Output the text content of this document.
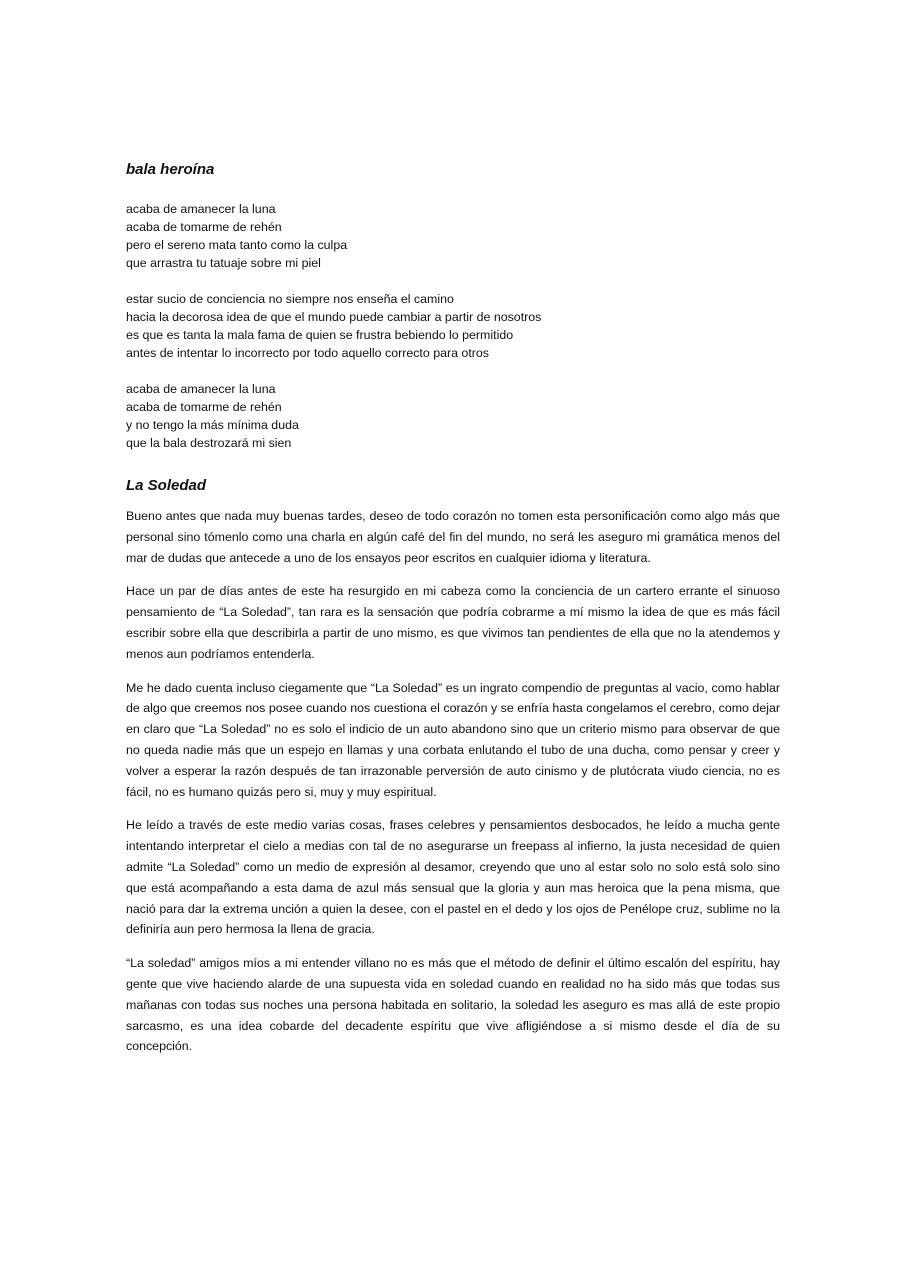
bala heroína

acaba de amanecer la luna
acaba de tomarme de rehén
pero el sereno mata tanto como la culpa
que arrastra tu tatuaje sobre mi piel

estar sucio de conciencia no siempre nos enseña el camino
hacia la decorosa idea de que el mundo puede cambiar a partir de nosotros
es que es tanta la mala fama de quien se frustra bebiendo lo permitido
antes de intentar lo incorrecto por todo aquello correcto para otros

acaba de amanecer la luna
acaba de tomarme de rehén
y no tengo la más mínima duda
que la bala destrozará mi sien

La Soledad

Bueno antes que nada muy buenas tardes, deseo de todo corazón no tomen esta personificación como algo más que personal sino tómenlo como una charla en algún café del fin del mundo, no será les aseguro mi gramática menos del mar de dudas que antecede a uno de los ensayos peor escritos en cualquier idioma y literatura.

Hace un par de días antes de este ha resurgido en mi cabeza como la conciencia de un cartero errante el sinuoso pensamiento de “La Soledad”, tan rara es la sensación que podría cobrarme a mí mismo la idea de que es más fácil escribir sobre ella que describirla a partir de uno mismo, es que vivimos tan pendientes de ella que no la atendemos y menos aun podríamos entenderla.

Me he dado cuenta incluso ciegamente que “La Soledad” es un ingrato compendio de preguntas al vacio, como hablar de algo que creemos nos posee cuando nos cuestiona el corazón y se enfría hasta congelamos el cerebro, como dejar en claro que “La Soledad” no es solo el indicio de un auto abandono sino que un criterio mismo para observar de que no queda nadie más que un espejo en llamas y una corbata enlutando el tubo de una ducha, como pensar y creer y volver a esperar la razón después de tan irrazonable perversión de auto cinismo y de plutócrata viudo ciencia, no es fácil, no es humano quizás pero si, muy y muy espiritual.

He leído a través de este medio varias cosas, frases celebres y pensamientos desbocados, he leído a mucha gente intentando interpretar el cielo a medias con tal de no asegurarse un freepass al infierno, la justa necesidad de quien admite “La Soledad” como un medio de expresión al desamor, creyendo que uno al estar solo no solo está solo sino que está acompañando a esta dama de azul más sensual que la gloria y aun mas heroica que la pena misma, que nació para dar la extrema unción a quien la desee, con el pastel en el dedo y los ojos de Penélope cruz, sublime no la definiría aun pero hermosa la llena de gracia.

“La soledad” amigos míos a mi entender villano no es más que el método de definir el último escalón del espíritu, hay gente que vive haciendo alarde de una supuesta vida en soledad cuando en realidad no ha sido más que todas sus mañanas con todas sus noches una persona habitada en solitario, la soledad les aseguro es mas allá de este propio sarcasmo, es una idea cobarde del decadente espíritu que vive afligiéndose a si mismo desde el día de su concepción.
